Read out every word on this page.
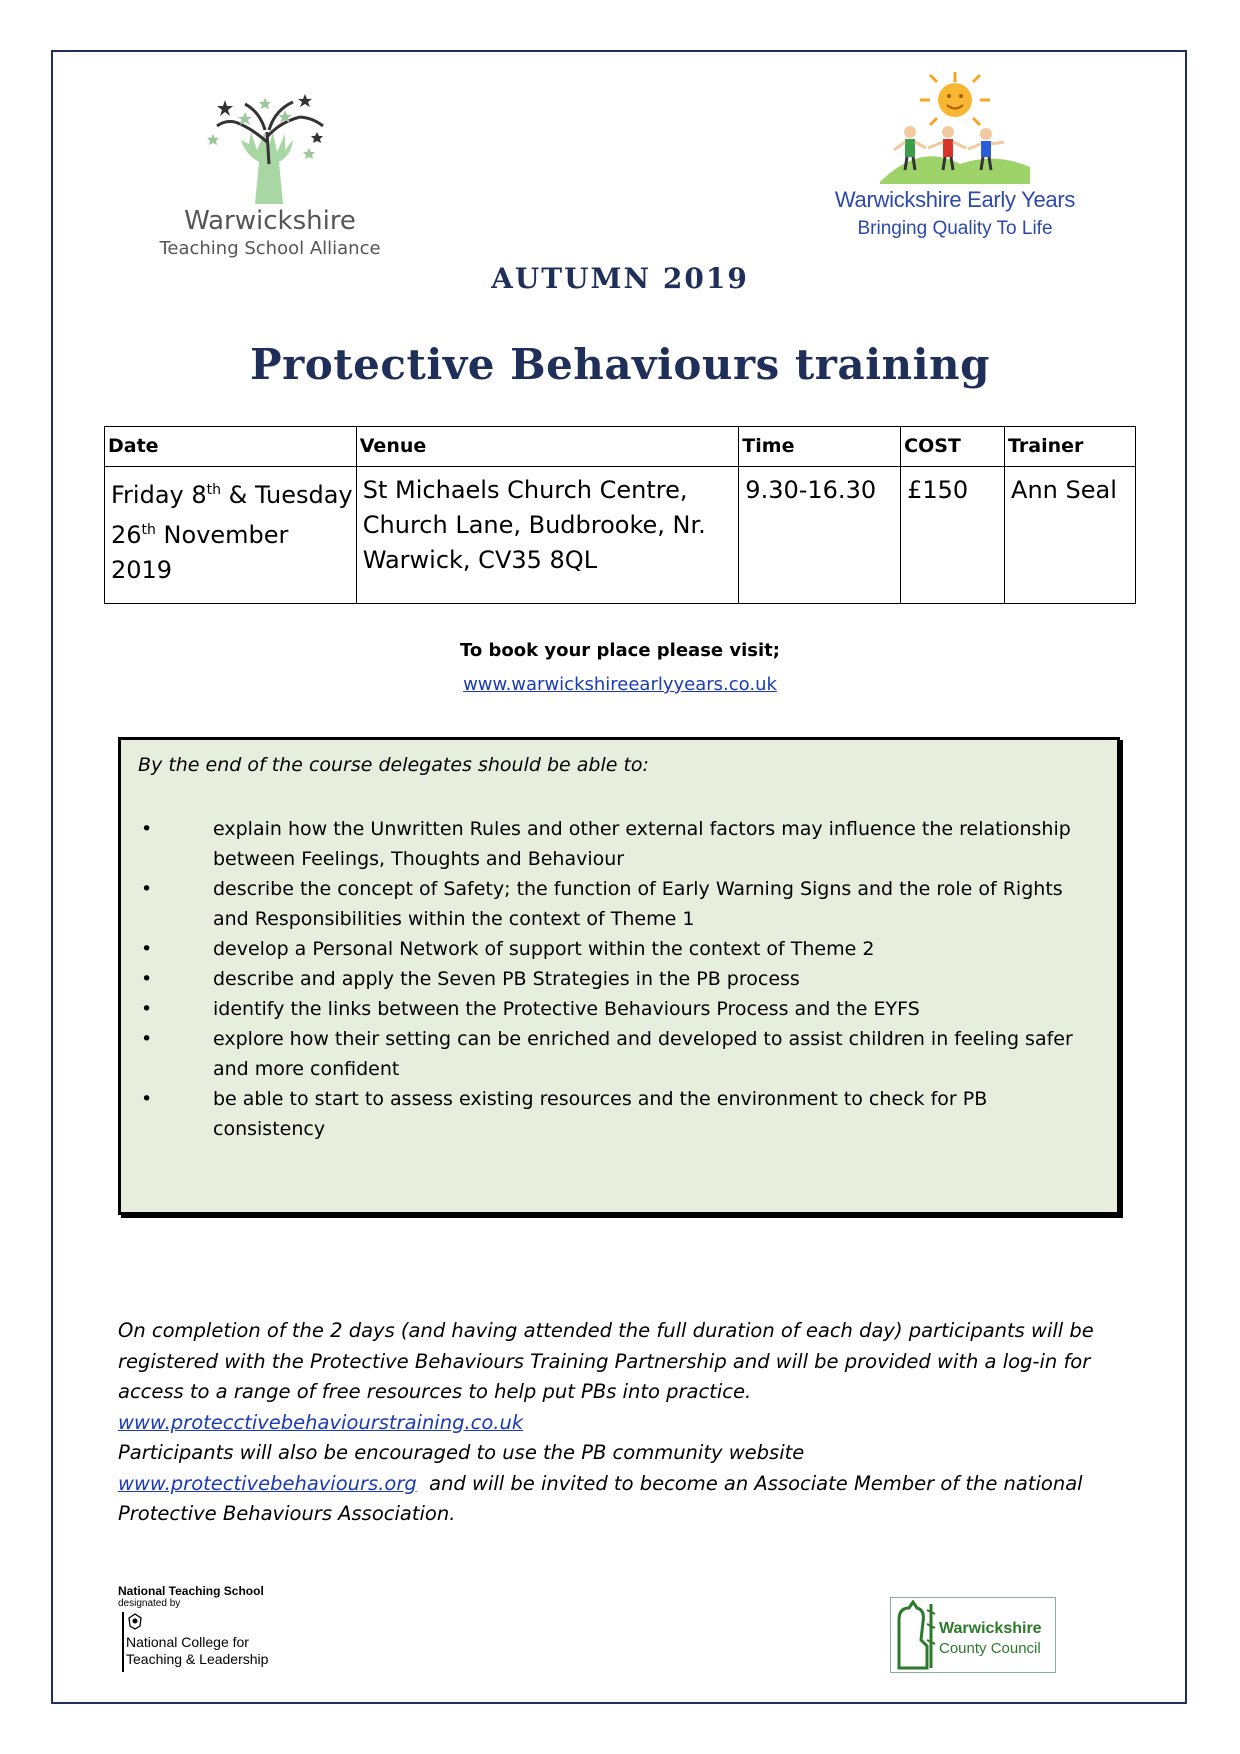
Warwickshire
Teaching School Alliance
Warwickshire Early Years
Bringing Quality To Life
AUTUMN 2019
Protective Behaviours training
Date	Venue	Time	COST	Trainer
Friday 8th & Tuesday 26th November 2019	St Michaels Church Centre, Church Lane, Budbrooke, Nr. Warwick, CV35 8QL	9.30-16.30	£150	Ann Seal
To book your place please visit;
www.warwickshireearlyyears.co.uk
By the end of the course delegates should be able to:
•	explain how the Unwritten Rules and other external factors may influence the relationship between Feelings, Thoughts and Behaviour
•	describe the concept of Safety; the function of Early Warning Signs and the role of Rights and Responsibilities within the context of Theme 1
•	develop a Personal Network of support within the context of Theme 2
•	describe and apply the Seven PB Strategies in the PB process
•	identify the links between the Protective Behaviours Process and the EYFS
•	explore how their setting can be enriched and developed to assist children in feeling safer and more confident
•	be able to start to assess existing resources and the environment to check for PB consistency
On completion of the 2 days (and having attended the full duration of each day) participants will be registered with the Protective Behaviours Training Partnership and will be provided with a log-in for access to a range of free resources to help put PBs into practice.
www.protecctivebehaviourstraining.co.uk
Participants will also be encouraged to use the PB community website
www.protectivebehaviours.org  and will be invited to become an Associate Member of the national Protective Behaviours Association.
National Teaching School
designated by
National College for
Teaching & Leadership
Warwickshire
County Council
